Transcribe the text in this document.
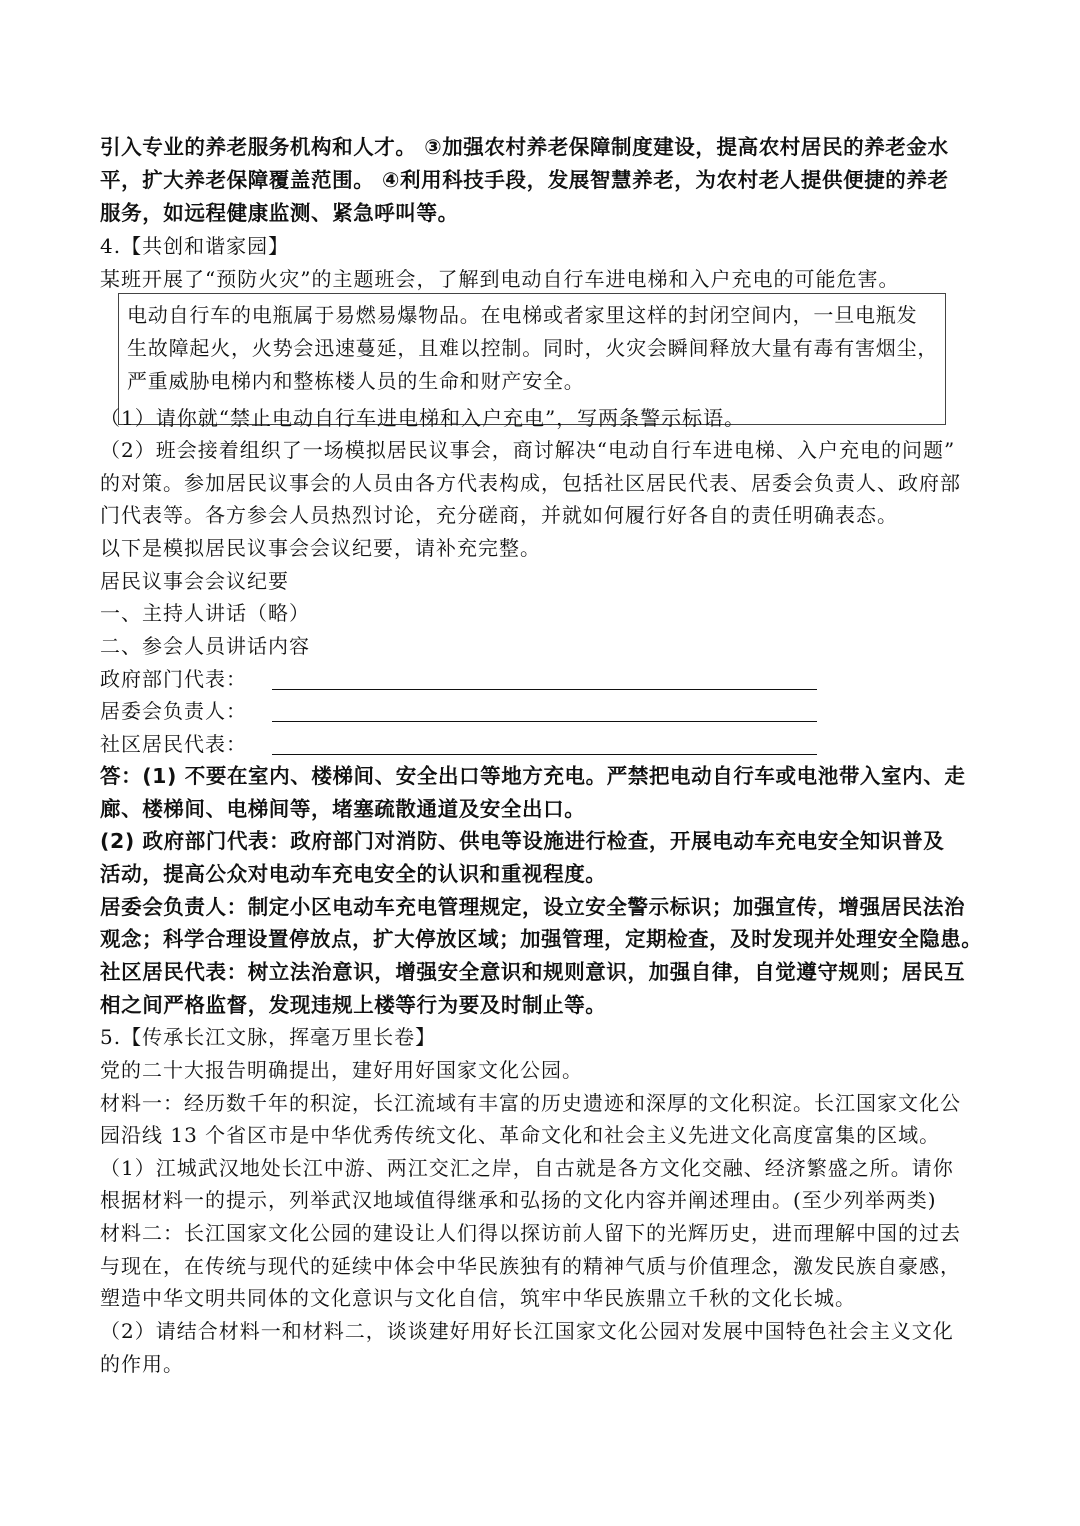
引入专业的养老服务机构和人才。 ③加强农村养老保障制度建设，提高农村居民的养老金水

平，扩大养老保障覆盖范围。 ④利用科技手段，发展智慧养老，为农村老人提供便捷的养老

服务，如远程健康监测、紧急呼叫等。

4.【共创和谐家园】

某班开展了“预防火灾”的主题班会，了解到电动自行车进电梯和入户充电的可能危害。

电动自行车的电瓶属于易燃易爆物品。在电梯或者家里这样的封闭空间内，一旦电瓶发

生故障起火，火势会迅速蔓延，且难以控制。同时，火灾会瞬间释放大量有毒有害烟尘，

严重威胁电梯内和整栋楼人员的生命和财产安全。

（1）请你就“禁止电动自行车进电梯和入户充电”，写两条警示标语。

（2）班会接着组织了一场模拟居民议事会，商讨解决“电动自行车进电梯、入户充电的问题”

的对策。参加居民议事会的人员由各方代表构成，包括社区居民代表、居委会负责人、政府部

门代表等。各方参会人员热烈讨论，充分磋商，并就如何履行好各自的责任明确表态。

以下是模拟居民议事会会议纪要，请补充完整。

居民议事会会议纪要

一、主持人讲话（略）

二、参会人员讲话内容

政府部门代表：

居委会负责人：

社区居民代表：

答：(1) 不要在室内、楼梯间、安全出口等地方充电。严禁把电动自行车或电池带入室内、走

廊、楼梯间、电梯间等，堵塞疏散通道及安全出口。

(2) 政府部门代表：政府部门对消防、供电等设施进行检查，开展电动车充电安全知识普及

活动，提高公众对电动车充电安全的认识和重视程度。

居委会负责人：制定小区电动车充电管理规定，设立安全警示标识；加强宣传，增强居民法治

观念；科学合理设置停放点，扩大停放区域；加强管理，定期检查，及时发现并处理安全隐患。

社区居民代表：树立法治意识，增强安全意识和规则意识，加强自律，自觉遵守规则；居民互

相之间严格监督，发现违规上楼等行为要及时制止等。

5.【传承长江文脉，挥毫万里长卷】

党的二十大报告明确提出，建好用好国家文化公园。

材料一：经历数千年的积淀，长江流域有丰富的历史遗迹和深厚的文化积淀。长江国家文化公

园沿线 13 个省区市是中华优秀传统文化、革命文化和社会主义先进文化高度富集的区域。

（1）江城武汉地处长江中游、两江交汇之岸，自古就是各方文化交融、经济繁盛之所。请你

根据材料一的提示，列举武汉地域值得继承和弘扬的文化内容并阐述理由。(至少列举两类)

材料二：长江国家文化公园的建设让人们得以探访前人留下的光辉历史，进而理解中国的过去

与现在，在传统与现代的延续中体会中华民族独有的精神气质与价值理念，激发民族自豪感，

塑造中华文明共同体的文化意识与文化自信，筑牢中华民族鼎立千秋的文化长城。

（2）请结合材料一和材料二，谈谈建好用好长江国家文化公园对发展中国特色社会主义文化

的作用。
